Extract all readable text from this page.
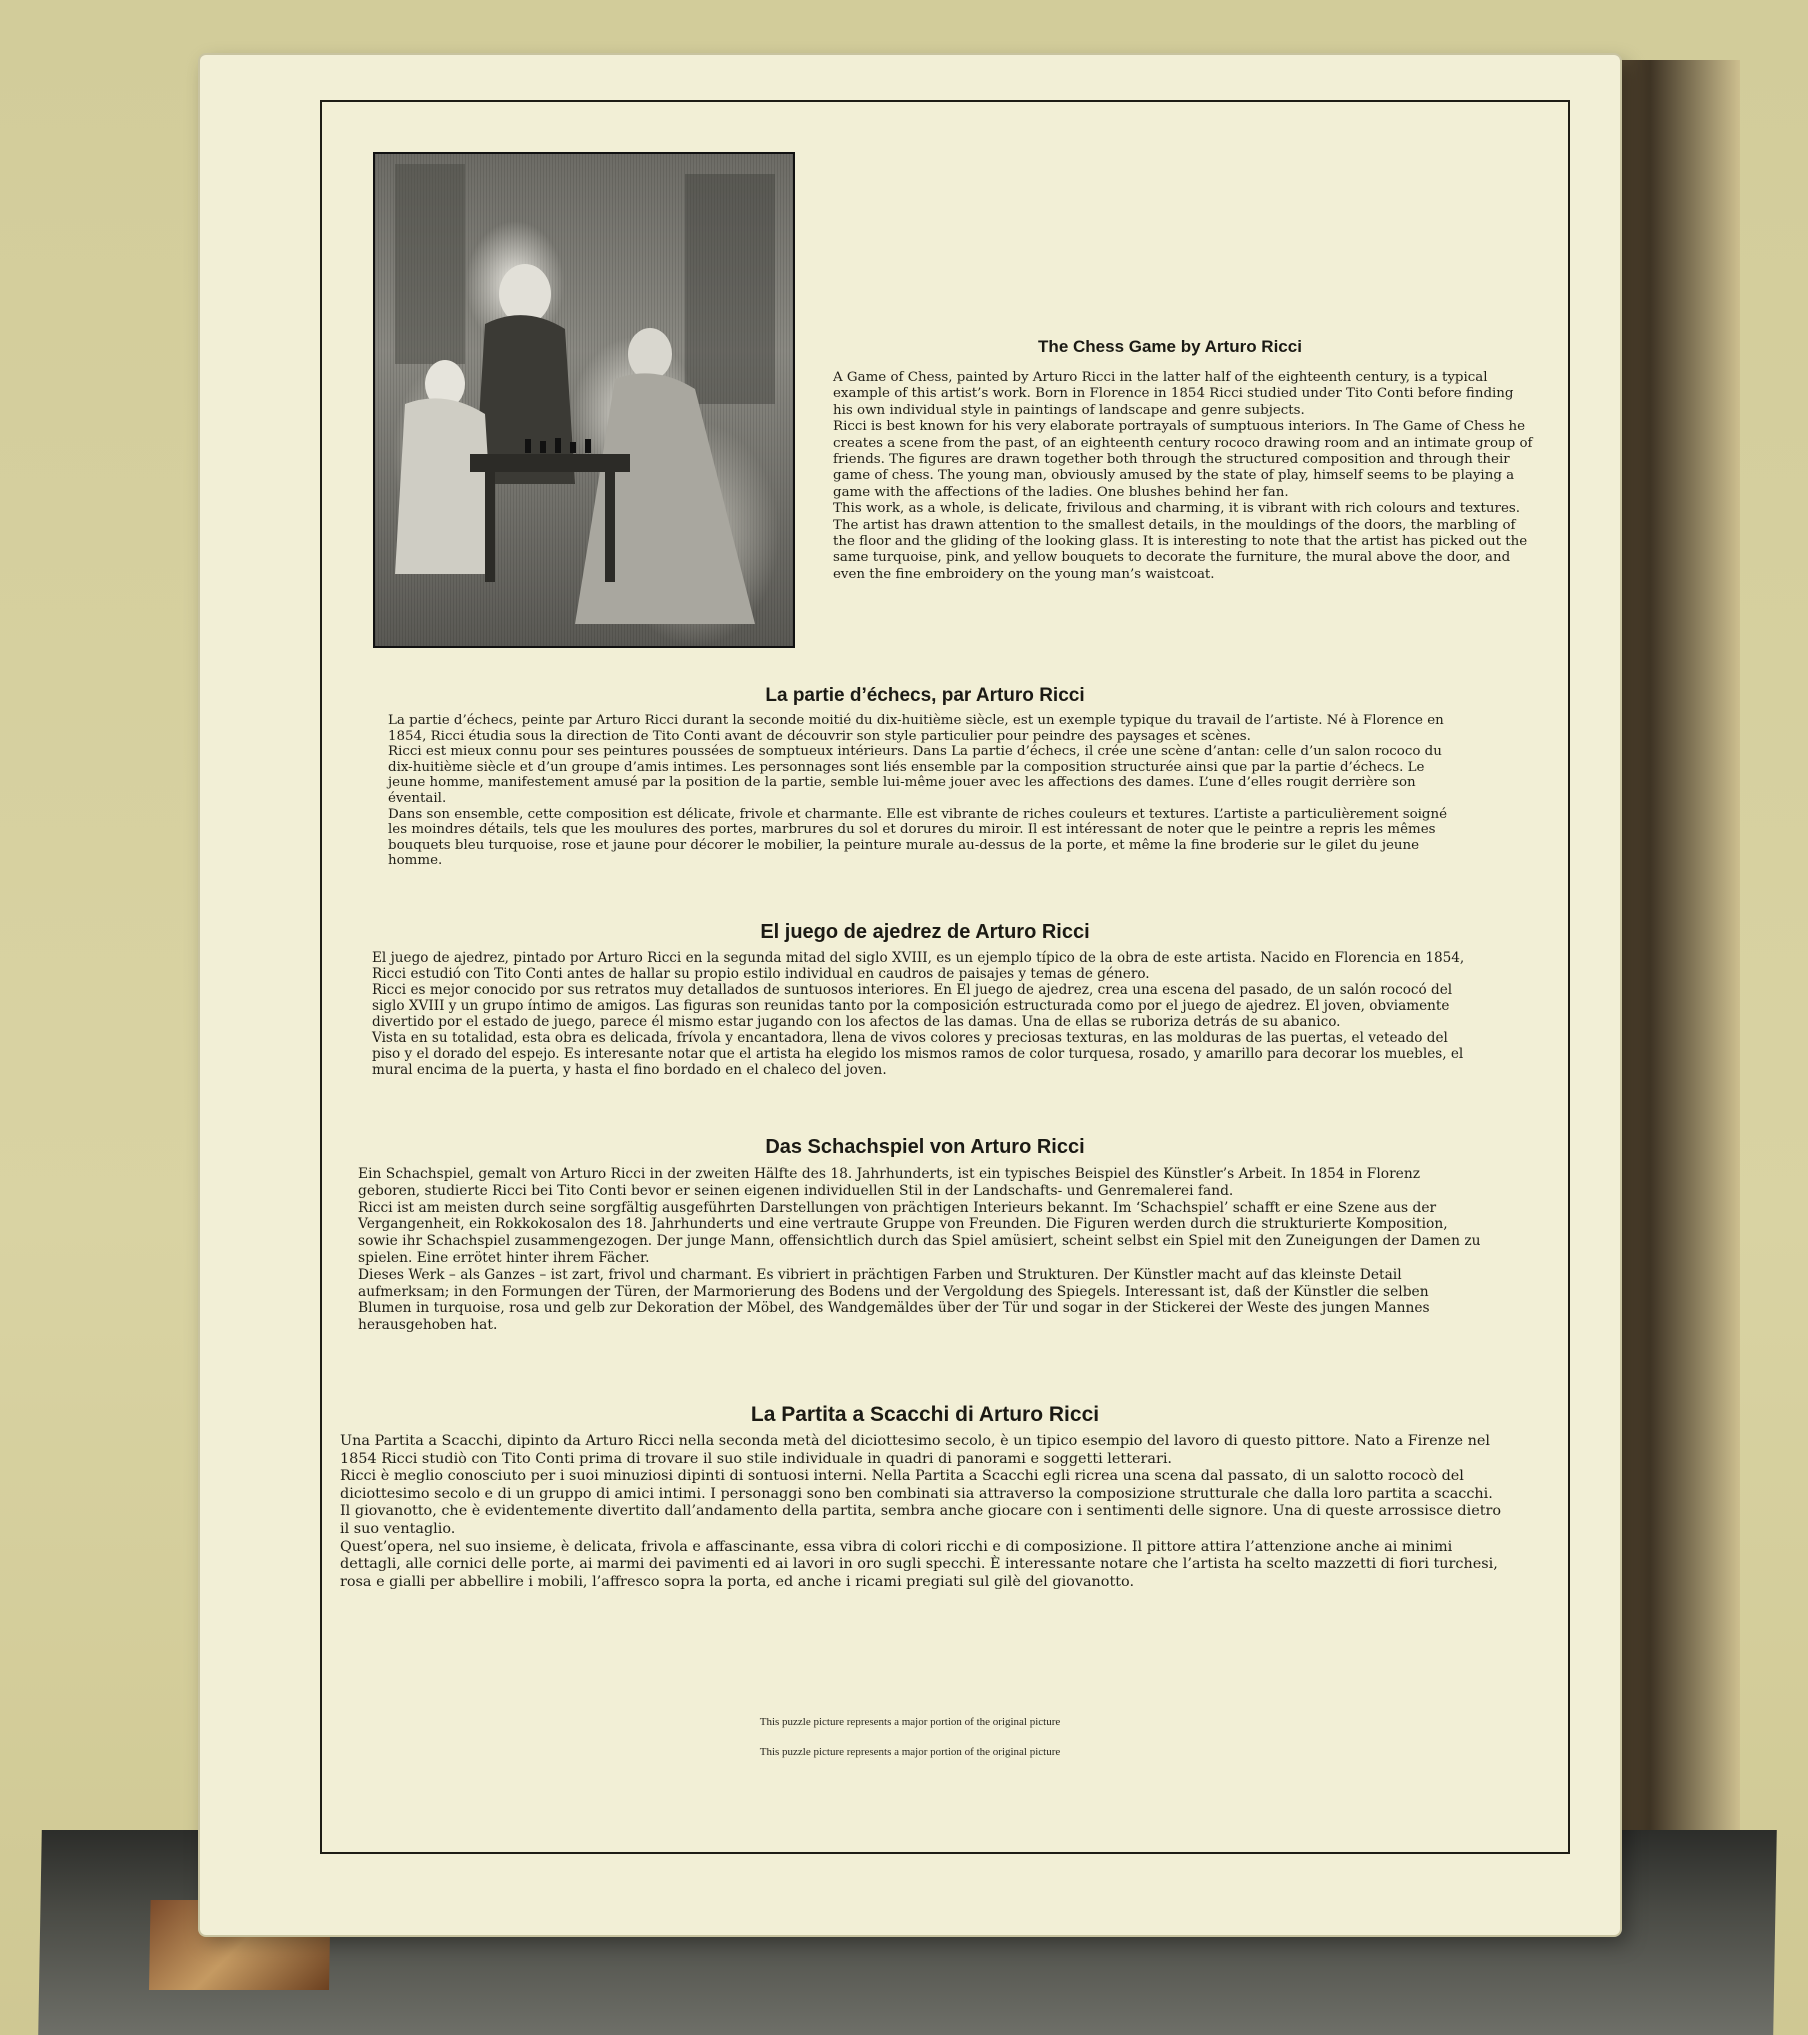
The Chess Game by Arturo Ricci

A Game of Chess, painted by Arturo Ricci in the latter half of the eighteenth century, is a typical example of this artist’s work. Born in Florence in 1854 Ricci studied under Tito Conti before finding his own individual style in paintings of landscape and genre subjects.

Ricci is best known for his very elaborate portrayals of sumptuous interiors. In The Game of Chess he creates a scene from the past, of an eighteenth century rococo drawing room and an intimate group of friends. The figures are drawn together both through the structured composition and through their game of chess. The young man, obviously amused by the state of play, himself seems to be playing a game with the affections of the ladies. One blushes behind her fan.

This work, as a whole, is delicate, frivilous and charming, it is vibrant with rich colours and textures. The artist has drawn attention to the smallest details, in the mouldings of the doors, the marbling of the floor and the gliding of the looking glass. It is interesting to note that the artist has picked out the same turquoise, pink, and yellow bouquets to decorate the furniture, the mural above the door, and even the fine embroidery on the young man’s waistcoat.

La partie d’échecs, par Arturo Ricci

La partie d’échecs, peinte par Arturo Ricci durant la seconde moitié du dix-huitième siècle, est un exemple typique du travail de l’artiste. Né à Florence en 1854, Ricci étudia sous la direction de Tito Conti avant de découvrir son style particulier pour peindre des paysages et scènes.

Ricci est mieux connu pour ses peintures poussées de somptueux intérieurs. Dans La partie d’échecs, il crée une scène d’antan: celle d’un salon rococo du dix-huitième siècle et d’un groupe d’amis intimes. Les personnages sont liés ensemble par la composition structurée ainsi que par la partie d’échecs. Le jeune homme, manifestement amusé par la position de la partie, semble lui-même jouer avec les affections des dames. L’une d’elles rougit derrière son éventail.

Dans son ensemble, cette composition est délicate, frivole et charmante. Elle est vibrante de riches couleurs et textures. L’artiste a particulièrement soigné les moindres détails, tels que les moulures des portes, marbrures du sol et dorures du miroir. Il est intéressant de noter que le peintre a repris les mêmes bouquets bleu turquoise, rose et jaune pour décorer le mobilier, la peinture murale au-dessus de la porte, et même la fine broderie sur le gilet du jeune homme.

El juego de ajedrez de Arturo Ricci

El juego de ajedrez, pintado por Arturo Ricci en la segunda mitad del siglo XVIII, es un ejemplo típico de la obra de este artista. Nacido en Florencia en 1854, Ricci estudió con Tito Conti antes de hallar su propio estilo individual en caudros de paisajes y temas de género.

Ricci es mejor conocido por sus retratos muy detallados de suntuosos interiores. En El juego de ajedrez, crea una escena del pasado, de un salón rococó del siglo XVIII y un grupo íntimo de amigos. Las figuras son reunidas tanto por la composición estructurada como por el juego de ajedrez. El joven, obviamente divertido por el estado de juego, parece él mismo estar jugando con los afectos de las damas. Una de ellas se ruboriza detrás de su abanico.

Vista en su totalidad, esta obra es delicada, frívola y encantadora, llena de vivos colores y preciosas texturas, en las molduras de las puertas, el veteado del piso y el dorado del espejo. Es interesante notar que el artista ha elegido los mismos ramos de color turquesa, rosado, y amarillo para decorar los muebles, el mural encima de la puerta, y hasta el fino bordado en el chaleco del joven.

Das Schachspiel von Arturo Ricci

Ein Schachspiel, gemalt von Arturo Ricci in der zweiten Hälfte des 18. Jahrhunderts, ist ein typisches Beispiel des Künstler’s Arbeit. In 1854 in Florenz geboren, studierte Ricci bei Tito Conti bevor er seinen eigenen individuellen Stil in der Landschafts- und Genremalerei fand.

Ricci ist am meisten durch seine sorgfältig ausgeführten Darstellungen von prächtigen Interieurs bekannt. Im ‘Schachspiel’ schafft er eine Szene aus der Vergangenheit, ein Rokkokosalon des 18. Jahrhunderts und eine vertraute Gruppe von Freunden. Die Figuren werden durch die strukturierte Komposition, sowie ihr Schachspiel zusammengezogen. Der junge Mann, offensichtlich durch das Spiel amüsiert, scheint selbst ein Spiel mit den Zuneigungen der Damen zu spielen. Eine errötet hinter ihrem Fächer.

Dieses Werk – als Ganzes – ist zart, frivol und charmant. Es vibriert in prächtigen Farben und Strukturen. Der Künstler macht auf das kleinste Detail aufmerksam; in den Formungen der Türen, der Marmorierung des Bodens und der Vergoldung des Spiegels. Interessant ist, daß der Künstler die selben Blumen in turquoise, rosa und gelb zur Dekoration der Möbel, des Wandgemäldes über der Tür und sogar in der Stickerei der Weste des jungen Mannes herausgehoben hat.

La Partita a Scacchi di Arturo Ricci

Una Partita a Scacchi, dipinto da Arturo Ricci nella seconda metà del diciottesimo secolo, è un tipico esempio del lavoro di questo pittore. Nato a Firenze nel 1854 Ricci studiò con Tito Conti prima di trovare il suo stile individuale in quadri di panorami e soggetti letterari.

Ricci è meglio conosciuto per i suoi minuziosi dipinti di sontuosi interni. Nella Partita a Scacchi egli ricrea una scena dal passato, di un salotto rococò del diciottesimo secolo e di un gruppo di amici intimi. I personaggi sono ben combinati sia attraverso la composizione strutturale che dalla loro partita a scacchi. Il giovanotto, che è evidentemente divertito dall’andamento della partita, sembra anche giocare con i sentimenti delle signore. Una di queste arrossisce dietro il suo ventaglio.

Quest’opera, nel suo insieme, è delicata, frivola e affascinante, essa vibra di colori ricchi e di composizione. Il pittore attira l’attenzione anche ai minimi dettagli, alle cornici delle porte, ai marmi dei pavimenti ed ai lavori in oro sugli specchi. È interessante notare che l’artista ha scelto mazzetti di fiori turchesi, rosa e gialli per abbellire i mobili, l’affresco sopra la porta, ed anche i ricami pregiati sul gilè del giovanotto.

This puzzle picture represents a major portion of the original picture
This puzzle picture represents a major portion of the original picture
